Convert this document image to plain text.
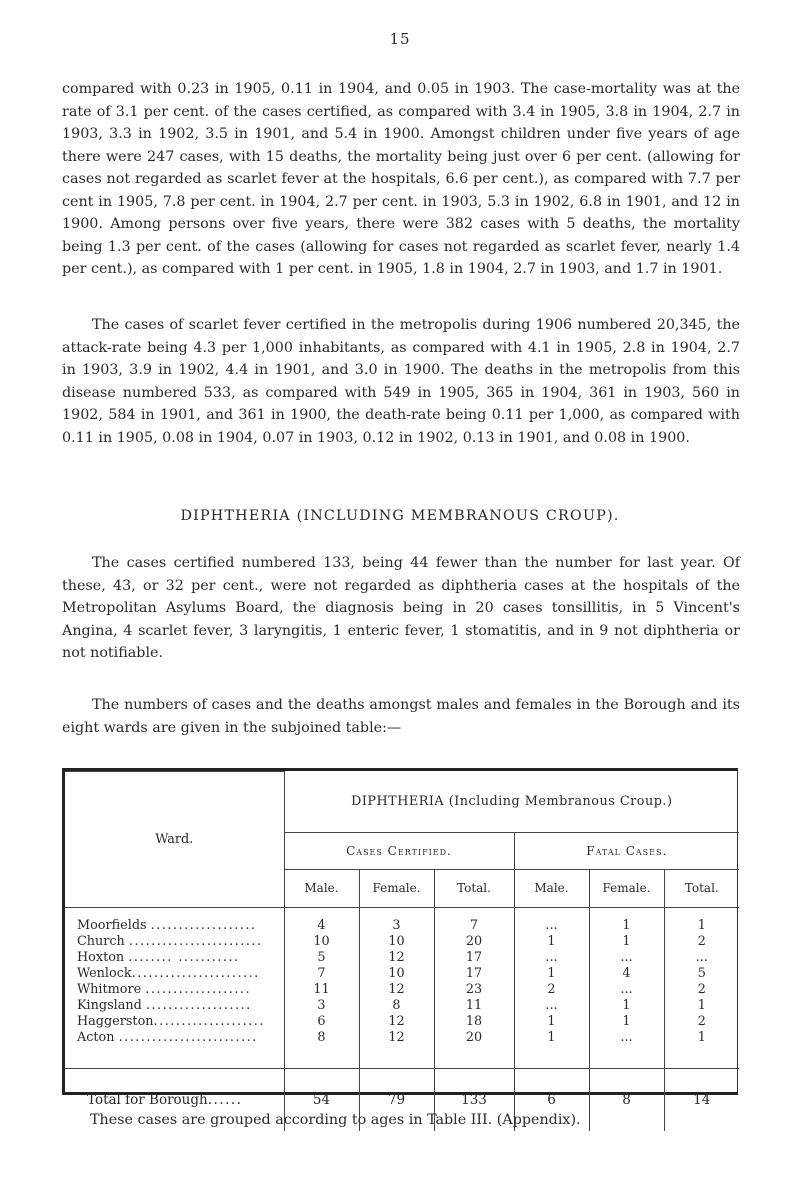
15

compared with 0.23 in 1905, 0.11 in 1904, and 0.05 in 1903. The case-mortality was at the rate of 3.1 per cent. of the cases certified, as compared with 3.4 in 1905, 3.8 in 1904, 2.7 in 1903, 3.3 in 1902, 3.5 in 1901, and 5.4 in 1900. Amongst children under five years of age there were 247 cases, with 15 deaths, the mortality being just over 6 per cent. (allowing for cases not regarded as scarlet fever at the hospitals, 6.6 per cent.), as compared with 7.7 per cent in 1905, 7.8 per cent. in 1904, 2.7 per cent. in 1903, 5.3 in 1902, 6.8 in 1901, and 12 in 1900. Among persons over five years, there were 382 cases with 5 deaths, the mortality being 1.3 per cent. of the cases (allowing for cases not regarded as scarlet fever, nearly 1.4 per cent.), as compared with 1 per cent. in 1905, 1.8 in 1904, 2.7 in 1903, and 1.7 in 1901.

The cases of scarlet fever certified in the metropolis during 1906 numbered 20,345, the attack-rate being 4.3 per 1,000 inhabitants, as compared with 4.1 in 1905, 2.8 in 1904, 2.7 in 1903, 3.9 in 1902, 4.4 in 1901, and 3.0 in 1900. The deaths in the metropolis from this disease numbered 533, as compared with 549 in 1905, 365 in 1904, 361 in 1903, 560 in 1902, 584 in 1901, and 361 in 1900, the death-rate being 0.11 per 1,000, as compared with 0.11 in 1905, 0.08 in 1904, 0.07 in 1903, 0.12 in 1902, 0.13 in 1901, and 0.08 in 1900.

DIPHTHERIA (INCLUDING MEMBRANOUS CROUP).

The cases certified numbered 133, being 44 fewer than the number for last year. Of these, 43, or 32 per cent., were not regarded as diphtheria cases at the hospitals of the Metropolitan Asylums Board, the diagnosis being in 20 cases tonsillitis, in 5 Vincent's Angina, 4 scarlet fever, 3 laryngitis, 1 enteric fever, 1 stomatitis, and in 9 not diphtheria or not notifiable.

The numbers of cases and the deaths amongst males and females in the Borough and its eight wards are given in the subjoined table:—

Ward.	DIPHTHERIA (Including Membranous Croup.)					
	Cases Certified.			Fatal Cases.		
	Male.	Female.	Total.	Male.	Female.	Total.
Moorfields ...................	4	3	7	...	1	1
Church ........................	10	10	20	1	1	2
Hoxton ........ ...........	5	12	17	...	...	...
Wenlock.......................	7	10	17	1	4	5
Whitmore ...................	11	12	23	2	...	2
Kingsland ...................	3	8	11	...	1	1
Haggerston....................	6	12	18	1	1	2
Acton .........................	8	12	20	1	...	1

Total for Borough......	54	79	133	6	8	14

These cases are grouped according to ages in Table III. (Appendix).
